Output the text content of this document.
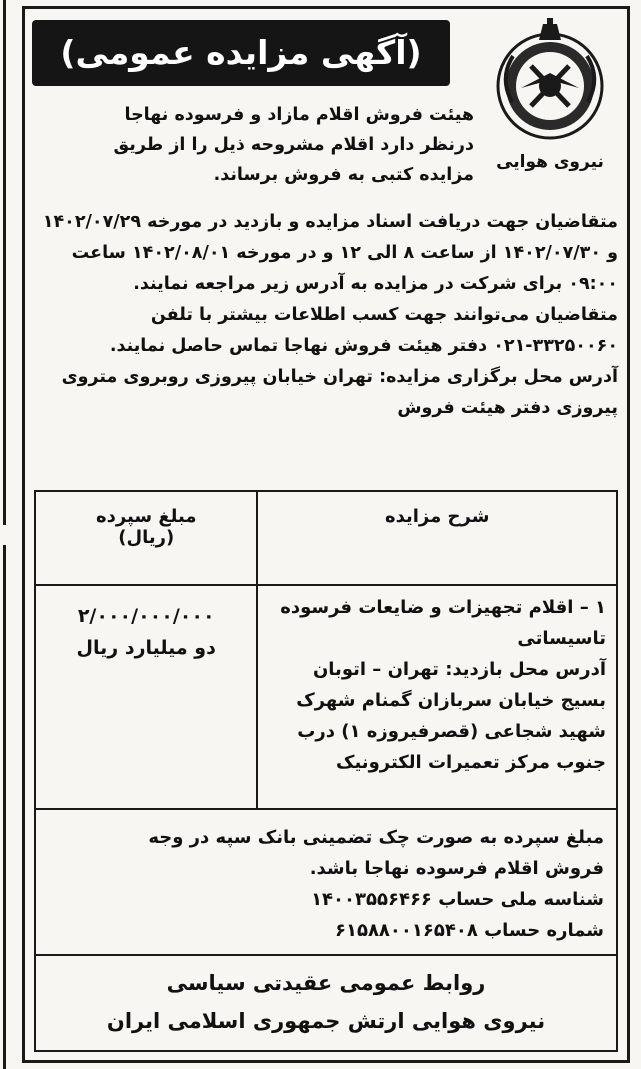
نیروی هوایی
(آگهی مزایده عمومی)
هیئت فروش اقلام مازاد و فرسوده نهاجا
درنظر دارد اقلام مشروحه ذیل را از طریق
مزایده کتبی به فروش برساند.

متقاضیان جهت دریافت اسناد مزایده و بازدید در مورخه ۱۴۰۲/۰۷/۲۹ و ۱۴۰۲/۰۷/۳۰ از ساعت ۸ الی ۱۲ و در مورخه ۱۴۰۲/۰۸/۰۱ ساعت ۰۹:۰۰ برای شرکت در مزایده به آدرس زیر مراجعه نمایند.

متقاضیان می‌توانند جهت کسب اطلاعات بیشتر با تلفن ۳۳۲۵۰۰۶۰-۰۲۱ دفتر هیئت فروش نهاجا تماس حاصل نمایند.

آدرس محل برگزاری مزایده: تهران خیابان پیروزی روبروی متروی پیروزی دفتر هیئت فروش

شرح مزایده
مبلغ سپرده
(ریال)
۱ – اقلام تجهیزات و ضایعات فرسوده تاسیساتی
آدرس محل بازدید: تهران – اتوبان بسیج خیابان سربازان گمنام شهرک شهید شجاعی (قصرفیروزه ۱) درب جنوب مرکز تعمیرات الکترونیک
۲/۰۰۰/۰۰۰/۰۰۰
دو میلیارد ریال
مبلغ سپرده به صورت چک تضمینی بانک سپه در وجه
فروش اقلام فرسوده نهاجا باشد.
شناسه ملی حساب ۱۴۰۰۳۵۵۶۴۶۶
شماره حساب ۶۱۵۸۸۰۰۱۶۵۴۰۸
روابط عمومی عقیدتی سیاسی
نیروی هوایی ارتش جمهوری اسلامی ایران
